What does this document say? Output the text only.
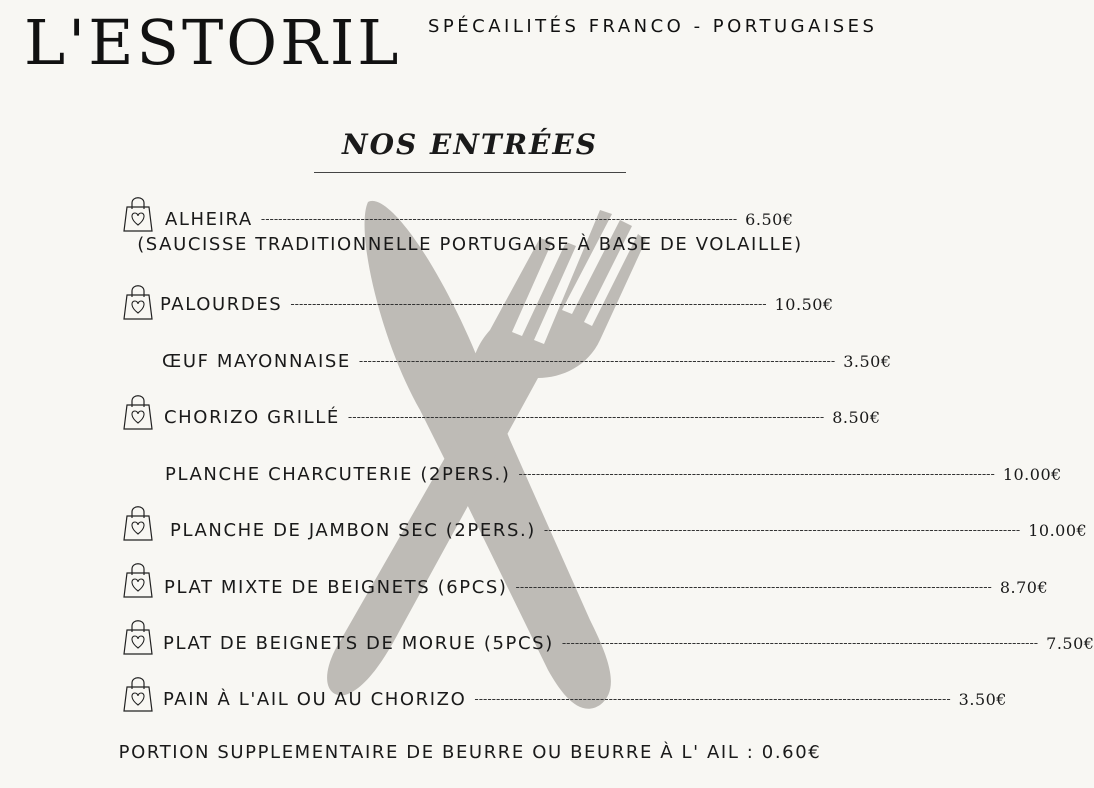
L'ESTORIL SPÉCAILITÉS FRANCO - PORTUGAISES
NOS ENTRÉES
ALHEIRA -------------------------------------------------------------------------------------------------------------- 6.50€
(SAUCISSE TRADITIONNELLE PORTUGAISE À BASE DE VOLAILLE)
PALOURDES -------------------------------------------------------------------------------------------------------------- 10.50€
ŒUF MAYONNAISE -------------------------------------------------------------------------------------------------------------- 3.50€
CHORIZO GRILLÉ -------------------------------------------------------------------------------------------------------------- 8.50€
PLANCHE CHARCUTERIE (2PERS.) -------------------------------------------------------------------------------------------------------------- 10.00€
PLANCHE DE JAMBON SEC (2PERS.) -------------------------------------------------------------------------------------------------------------- 10.00€
PLAT MIXTE DE BEIGNETS (6PCS) -------------------------------------------------------------------------------------------------------------- 8.70€
PLAT DE BEIGNETS DE MORUE (5PCS) -------------------------------------------------------------------------------------------------------------- 7.50€
PAIN À L'AIL OU AU CHORIZO -------------------------------------------------------------------------------------------------------------- 3.50€
PORTION SUPPLEMENTAIRE DE BEURRE OU BEURRE À L' AIL : 0.60€
